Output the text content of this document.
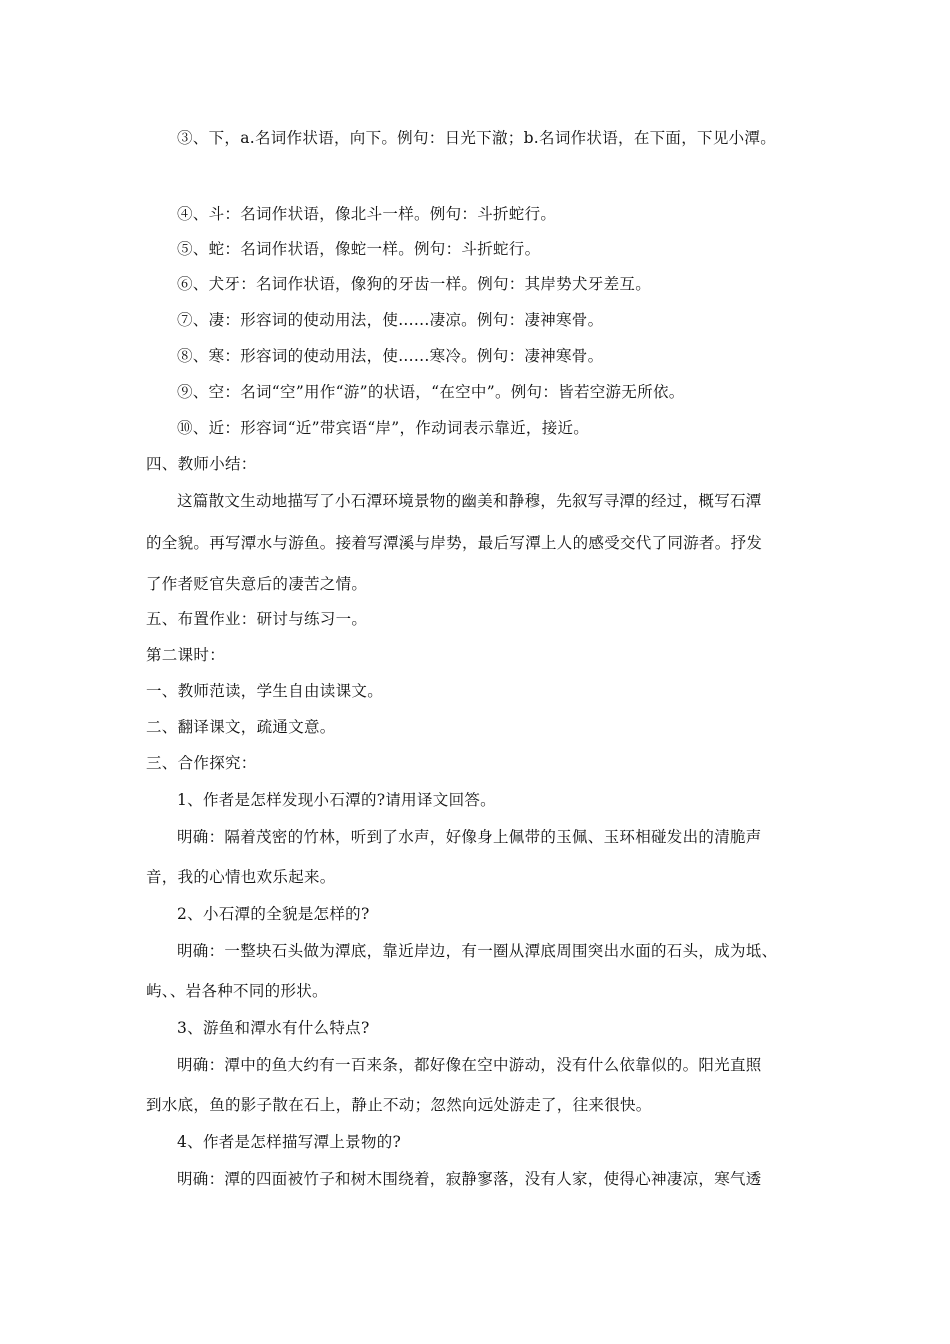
③、下，a.名词作状语，向下。例句：日光下澈；b.名词作状语，在下面，下见小潭。

④、斗：名词作状语，像北斗一样。例句：斗折蛇行。

⑤、蛇：名词作状语，像蛇一样。例句：斗折蛇行。

⑥、犬牙：名词作状语，像狗的牙齿一样。例句：其岸势犬牙差互。

⑦、凄：形容词的使动用法，使......凄凉。例句：凄神寒骨。

⑧、寒：形容词的使动用法，使......寒冷。例句：凄神寒骨。

⑨、空：名词“空”用作“游”的状语，“在空中”。例句：皆若空游无所依。

⑩、近：形容词“近”带宾语“岸”，作动词表示靠近，接近。

四、教师小结：

这篇散文生动地描写了小石潭环境景物的幽美和静穆，先叙写寻潭的经过，概写石潭

的全貌。再写潭水与游鱼。接着写潭溪与岸势，最后写潭上人的感受交代了同游者。抒发

了作者贬官失意后的凄苦之情。

五、布置作业：研讨与练习一。

第二课时：

一、教师范读，学生自由读课文。

二、翻译课文，疏通文意。

三、合作探究：

1、作者是怎样发现小石潭的?请用译文回答。

明确：隔着茂密的竹林，听到了水声，好像身上佩带的玉佩、玉环相碰发出的清脆声

音，我的心情也欢乐起来。

2、小石潭的全貌是怎样的?

明确：一整块石头做为潭底，靠近岸边，有一圈从潭底周围突出水面的石头，成为坻、

屿、、岩各种不同的形状。

3、游鱼和潭水有什么特点?

明确：潭中的鱼大约有一百来条，都好像在空中游动，没有什么依靠似的。阳光直照

到水底，鱼的影子散在石上，静止不动；忽然向远处游走了，往来很快。

4、作者是怎样描写潭上景物的?

明确：潭的四面被竹子和树木围绕着，寂静寥落，没有人家，使得心神凄凉，寒气透
